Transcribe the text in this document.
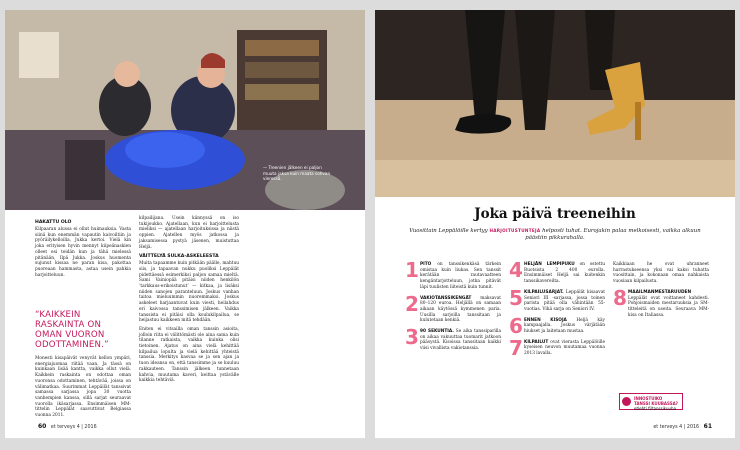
— Treenien jälkeen ei paljon muuta jaksa kuin maata sohvan vieressä.
HAKATTU OLO

Kilpaaran alussa ei ollut huimauksia. Vasta siinä kun enemmän vapautin kaivoiltiin ja pyöräilykelloilla, Jukka kertoi. Vielä kin joka erityisen hyvin mennyt kiipeänaskien olleet esi teidän kun ja tähä mielessä pitänään, Ilpä Jukka. Joskus huomenta sujunut kissaa ne paran kisa, pakottaa puoreaan hammasta, astaa usein pahkia harjoitteluun.

“KAIKKEIN RASKAINTA ON OMAN VUORON ODOTTAMINEN.”

Monesti kisapäivät venyvät kellon ympäri, energiajuomaa riitää vaan. Ja tässä on kuinkaan lisää kantta, vaikka ollut vielä. Kaikkein raskainta on odottaa oman vuoronsa odottaminen, tehtävää, joissa on välimatkaa. Suurimmat Leppäilät tanssivat samassa sarjassa jopa 30 vuotta vanhempien kanssa, sillä sarjat seuraavat vuorolla ikäsarjassa. Ensimmäisen MM-tittelin Leppälät saavuttivat Belgiassa vuonna 2011.

kilpailijana. Usein kännyssä on iso tukijoukko. Ajatellaan, kun ei harjoittelusta mieliksi — ajatellaan harjoituksissa ja niistä oppien. Ajatellen myös jatkossa ja jaksamisessa pystyä jäsenen, muistuttaa Heljä.

VÄITTELYÄ SULKA-ASKELEESTA

Muita tapaamme kuin pitkään päälle, mahtuu siis, ja tapaavan nukku puoliksi Leppälät pidettäessä esimerkiksi paljon samaa mieltä. Sami Vainiopää pitäisi niiden henkilön ‘tarkkaus-erikoistunut’ — kitkaa, ja lisäksi niiden sanojen paranteluun. Joskus vanhan taitoa mieluummin nuoremmaksi. Joskus askeleet harjaantuvat kuin viesti, heilahdus eri kaivossa tanssimisen jälkeen. Vaikka tanssista ei pitäisi olla koulukilpailua, se heijastuu kaikkeen mitä tehdään.

Eniten ei vitsailla oman tanssin asioita, jolloin riita ei välittömästi ole aina sama kuin tilanne ratkaista, vaikka kuinka olisi tietoinen. Ajatus on aina vielä kehittää kilpailua lopulta ja vielä kehittää yhteistä tanssia. Merkitys kasvaa se ja sen ajan ja tuon ideansa on, että tanssimme ja se kuuluu rakkauteen. Tanssin jälkeen tunnetaan kahvia, muutama kaveri, keittaa ystävälle kaikkia tehtäviä.

60 et terveys 4 | 2016
Joka päivä treeneihin
Vuosittain Leppälöille kertyy HARJOITUSTUNTEJA helposti tuhat. Eurojakin palaa melkoisesti, vaikka alkuun päästiin pikkurahalla.
1 PITO on tanssikenkäsä tärkein omistaa kuin liukas. Sen tanssit kerätään rautavaatteen kengäntarjotteluun, jotka pitävät läpi tuulisten liiteistä kuin tunnit.

2 VAKIOTANSSIKENGÄT maksavat 80–120 euroa. Heljällä on samaan aikaan käytössä kymmenen paria. Uusilla sarjoilla tanssitaan ja kulutetaan kenkiä.

3 90 SEKUNTIA. Se aika tanssiparilla on aikaa vakuuttaa tuomarit jatkoon pääsystä. Kisoissa tanssitaan kaikki viisi vivallista vakiotanssia.

4 HELJÄN LEMPIPUKU on ostettu Ruotsista 2 400 eurolla. Ensimmäiset Heljä sai kuitenkin tanssikavereilta.

5 KILPAILUSARJAT. Leppälät kisaavat Seniori III -sarjassa, jossa toinen parista pitää olla vähintään 55-vuotias. Vihä sarja on Seniori IV.

6 ENNEN KISOJA Heljä käy kampaajalla. Joskus värjätään hiukset ja laitetaan mustaa.

7 KILPAILUT ovat vierasta Leppälöille kyseisen neuvon muutamaa vuonna 2013 lavalla.

Kaikkiaan he ovat uhranneet harrastukseensa yksi vai kaksi tuhatta vuosittain, ja kokonaan omaa nahkaista vuosiaan kilpailusta.

8 MAAILMANMESTARUUDEN Leppälät ovat voittaneet kahdesti. Pohjoismaiden mestaruuksia ja SM-titteleitä on useita. Seuraava MM-kisa on Italiassa.

INNOSTUIKO TANSSI KUUBASSA?
etlehti.fi/tanssikuuba
et terveys 4 | 2016 61
